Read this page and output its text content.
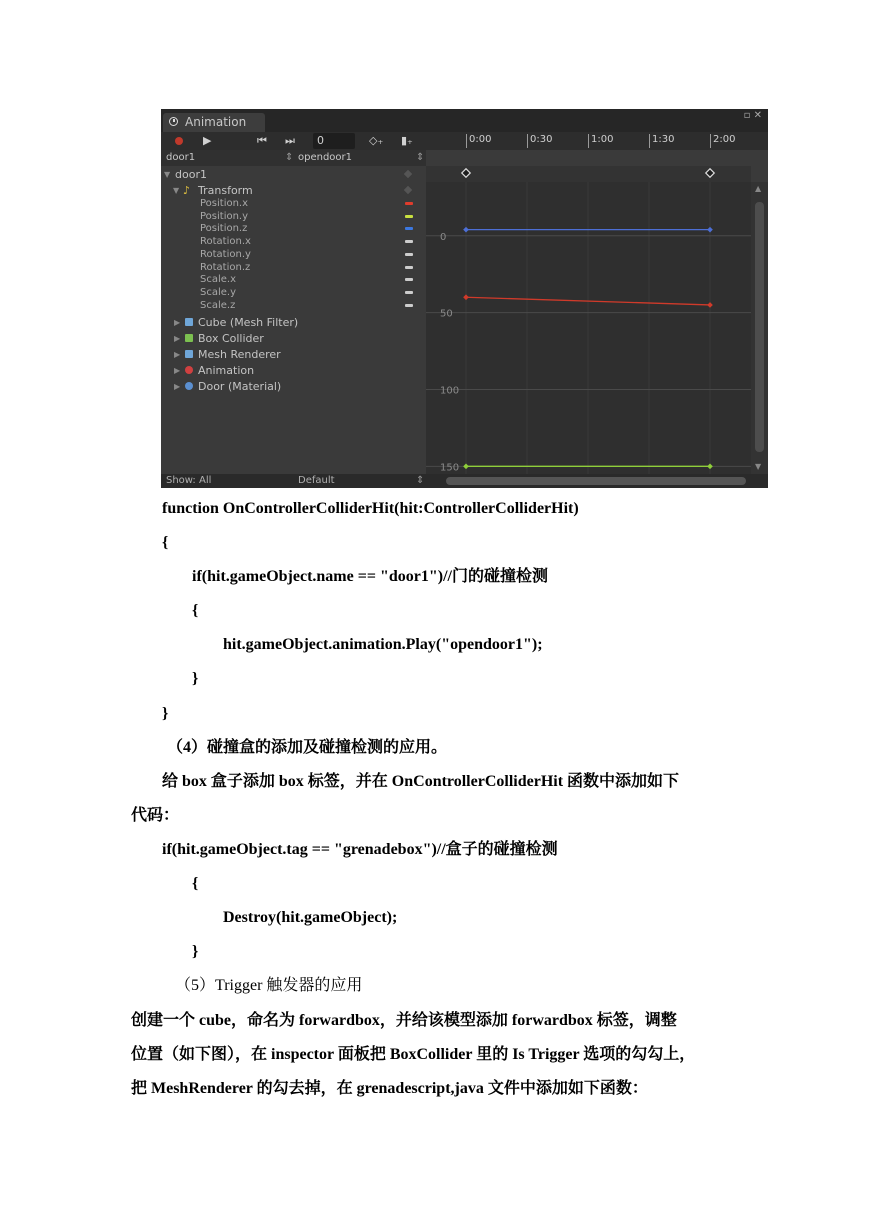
Animation	▫ ✕
▶	⏮ ⏭	0	◇₊ ▮₊	0:00	0:30	1:00	1:30	2:00
door1	⇕ opendoor1	⇕
▼ door1
▼ ♪ Transform
Position.x
Position.y
Position.z
Rotation.x
Rotation.y
Rotation.z
Scale.x
Scale.y
Scale.z
▶ Cube (Mesh Filter)
▶ Box Collider
▶ Mesh Renderer
▶ Animation
▶ Door (Material)
Show: All	Default	⇕
150
100
50
0
▲
▼
function OnControllerColliderHit(hit:ControllerColliderHit)
{
if(hit.gameObject.name == "door1")//门的碰撞检测
{
hit.gameObject.animation.Play("opendoor1");
}
}
（4）碰撞盒的添加及碰撞检测的应用。
给 box 盒子添加 box 标签，并在 OnControllerColliderHit 函数中添加如下
代码：
if(hit.gameObject.tag == "grenadebox")//盒子的碰撞检测
{
Destroy(hit.gameObject);
}
（5）Trigger 触发器的应用
创建一个 cube，命名为 forwardbox，并给该模型添加 forwardbox 标签，调整
位置（如下图），在 inspector 面板把 BoxCollider 里的 Is Trigger 选项的勾勾上，
把 MeshRenderer 的勾去掉，在 grenadescript,java 文件中添加如下函数：
